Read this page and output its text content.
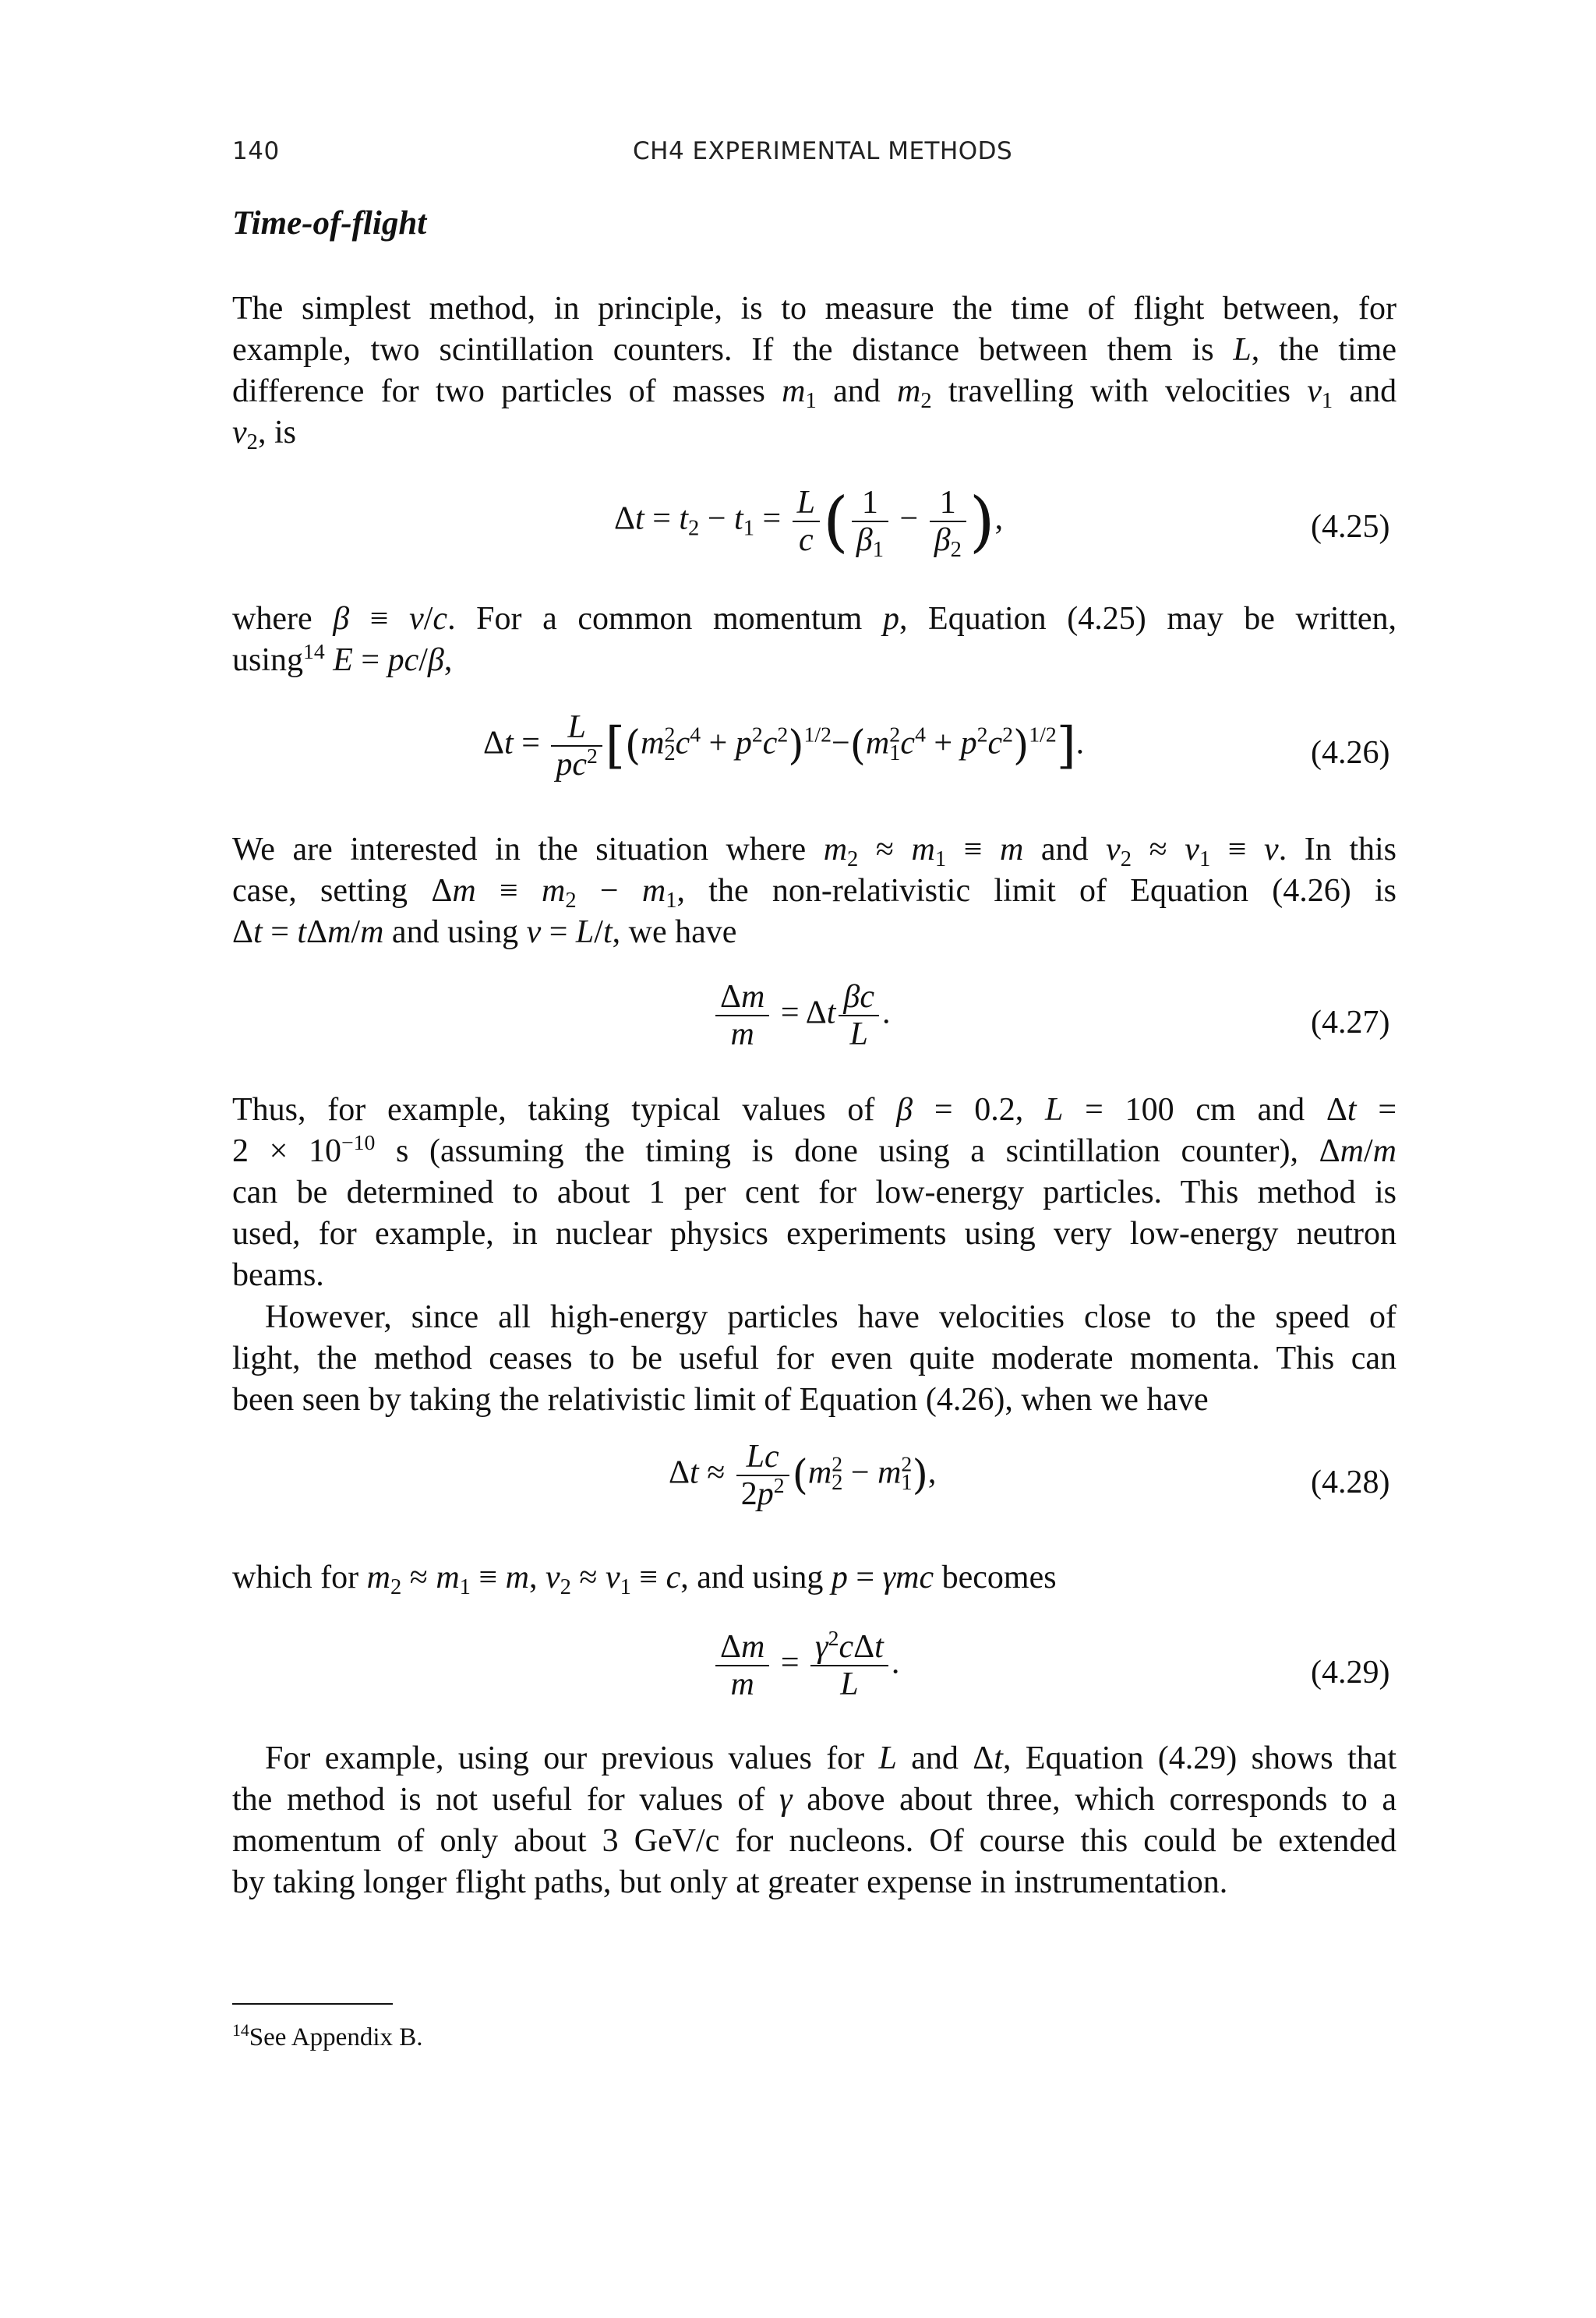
140	CH4 EXPERIMENTAL METHODS
Time-of-flight
The simplest method, in principle, is to measure the time of flight between, for
example, two scintillation counters. If the distance between them is L, the time
difference for two particles of masses $m_1$ and $m_2$ travelling with velocities $v_1$ and
$v_2$, is
$\Delta t = t_2 - t_1 = \frac{L}{c}$ ( $\frac{1}{\beta_1} - \frac{1}{\beta_2}$ ),	(4.25)
where β ≡ v/c. For a common momentum p, Equation (4.25) may be written,
using$^{14}$ E = pc/β,
$\Delta t = \frac{L}{pc^2} [(m^2_2c^4 + p^2c^2)^{1/2}-(m^2_1c^4 + p^2c^2)^{1/2}]$.	(4.26)
We are interested in the situation where $m_2 \approx m_1 \equiv m$ and $v_2 \approx v_1 \equiv v$. In this
case, setting $\Delta m \equiv m_2 - m_1$, the non-relativistic limit of Equation (4.26) is
Δt = tΔm/m and using v = L/t, we have
$\frac{\Delta m}{m} = \Delta t \frac{\beta c}{L}$ .	(4.27)
Thus, for example, taking typical values of β = 0.2, L = 100 cm and Δt =
$2 \times 10^{-10}$ s (assuming the timing is done using a scintillation counter), Δm/m
can be determined to about 1 per cent for low-energy particles. This method is
used, for example, in nuclear physics experiments using very low-energy neutron
beams.
However, since all high-energy particles have velocities close to the speed of
light, the method ceases to be useful for even quite moderate momenta. This can
been seen by taking the relativistic limit of Equation (4.26), when we have
$\Delta t \approx \frac{Lc}{2p^2} (m^2_2 - m^2_1)$,	(4.28)
which for $m_2 \approx m_1 \equiv m$, $v_2 \approx v_1 \equiv c$, and using p = γmc becomes
$\frac{\Delta m}{m} = \frac{\gamma^2c\Delta t}{L}$ .	(4.29)
For example, using our previous values for L and Δt, Equation (4.29) shows that
the method is not useful for values of γ above about three, which corresponds to a
momentum of only about 3 GeV/c for nucleons. Of course this could be extended
by taking longer flight paths, but only at greater expense in instrumentation.
$^{14}$See Appendix B.
